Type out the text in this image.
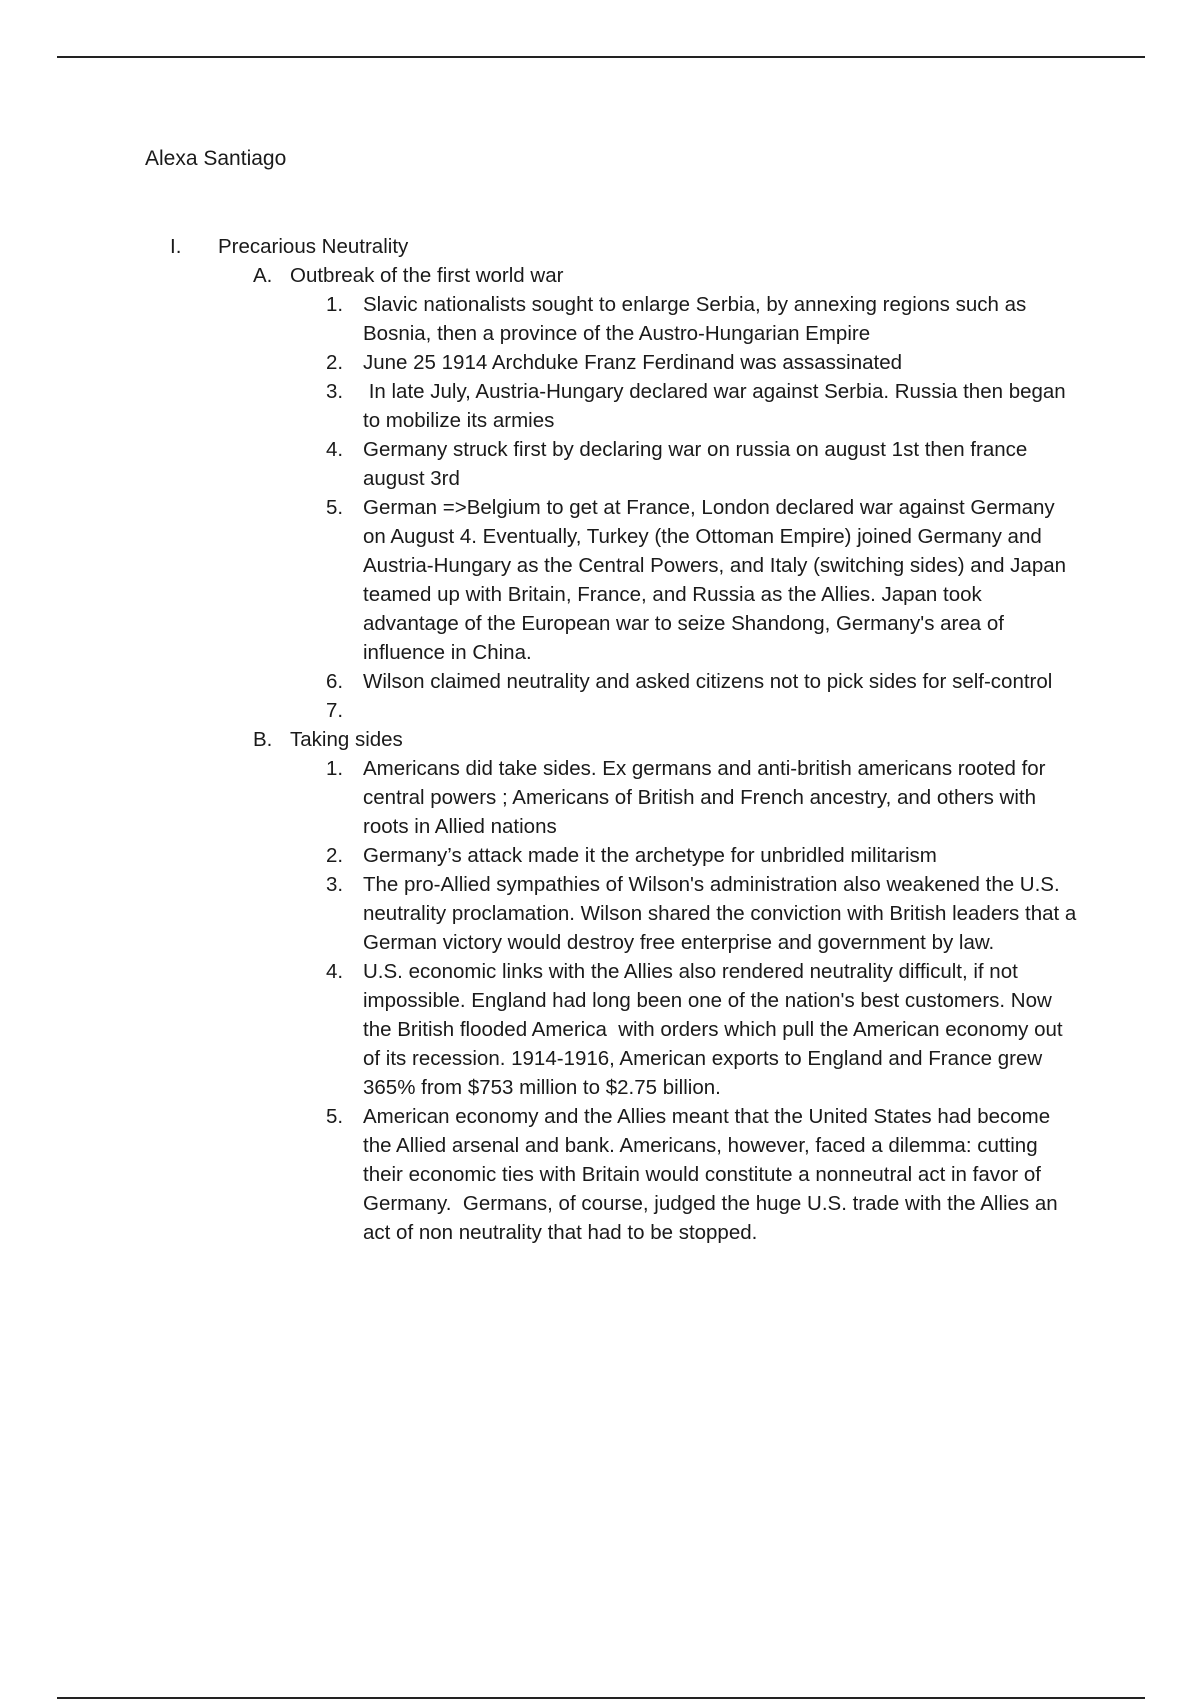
Alexa Santiago
I. Precarious Neutrality
A. Outbreak of the first world war
1. Slavic nationalists sought to enlarge Serbia, by annexing regions such as Bosnia, then a province of the Austro-Hungarian Empire
2. June 25 1914 Archduke Franz Ferdinand was assassinated
3. In late July, Austria-Hungary declared war against Serbia. Russia then began to mobilize its armies
4. Germany struck first by declaring war on russia on august 1st then france august 3rd
5. German =>Belgium to get at France, London declared war against Germany on August 4. Eventually, Turkey (the Ottoman Empire) joined Germany and Austria-Hungary as the Central Powers, and Italy (switching sides) and Japan teamed up with Britain, France, and Russia as the Allies. Japan took advantage of the European war to seize Shandong, Germany's area of influence in China.
6. Wilson claimed neutrality and asked citizens not to pick sides for self-control
7.
B. Taking sides
1. Americans did take sides. Ex germans and anti-british americans rooted for central powers ; Americans of British and French ancestry, and others with roots in Allied nations
2. Germany’s attack made it the archetype for unbridled militarism
3. The pro-Allied sympathies of Wilson's administration also weakened the U.S. neutrality proclamation. Wilson shared the conviction with British leaders that a German victory would destroy free enterprise and government by law.
4. U.S. economic links with the Allies also rendered neutrality difficult, if not impossible. England had long been one of the nation's best customers. Now the British flooded America  with orders which pull the American economy out of its recession. 1914-1916, American exports to England and France grew 365% from $753 million to $2.75 billion.
5. American economy and the Allies meant that the United States had become the Allied arsenal and bank. Americans, however, faced a dilemma: cutting their economic ties with Britain would constitute a nonneutral act in favor of Germany.  Germans, of course, judged the huge U.S. trade with the Allies an act of non neutrality that had to be stopped.
